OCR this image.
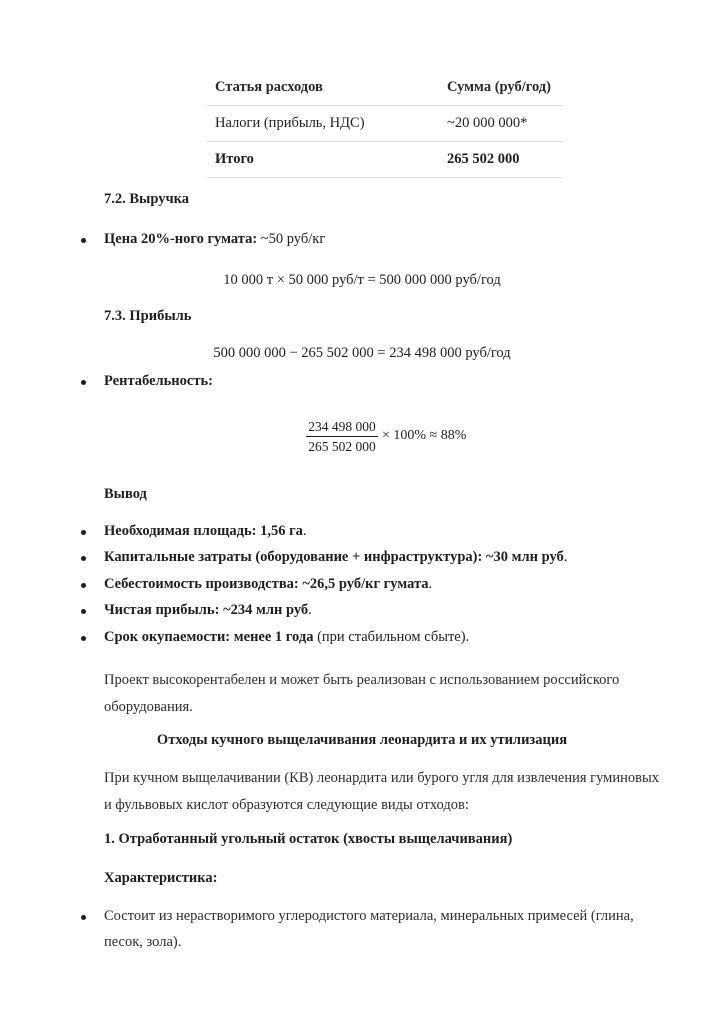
Статья расходов	Сумма (руб/год)
Налоги (прибыль, НДС)	~20 000 000*
Итого	265 502 000
7.2. Выручка
Цена 20%-ного гумата: ~50 руб/кг
10 000 т × 50 000 руб/т = 500 000 000 руб/год
7.3. Прибыль
500 000 000 − 265 502 000 = 234 498 000 руб/год
Рентабельность:
234 498 000
265 502 000
× 100% ≈ 88%
Вывод
Необходимая площадь: 1,56 га.
Капитальные затраты (оборудование + инфраструктура): ~30 млн руб.
Себестоимость производства: ~26,5 руб/кг гумата.
Чистая прибыль: ~234 млн руб.
Срок окупаемости: менее 1 года (при стабильном сбыте).
Проект высокорентабелен и может быть реализован с использованием российского
оборудования.
Отходы кучного выщелачивания леонардита и их утилизация
При кучном выщелачивании (КВ) леонардита или бурого угля для извлечения гуминовых
и фульвовых кислот образуются следующие виды отходов:
1. Отработанный угольный остаток (хвосты выщелачивания)
Характеристика:
Состоит из нерастворимого углеродистого материала, минеральных примесей (глина,
песок, зола).
